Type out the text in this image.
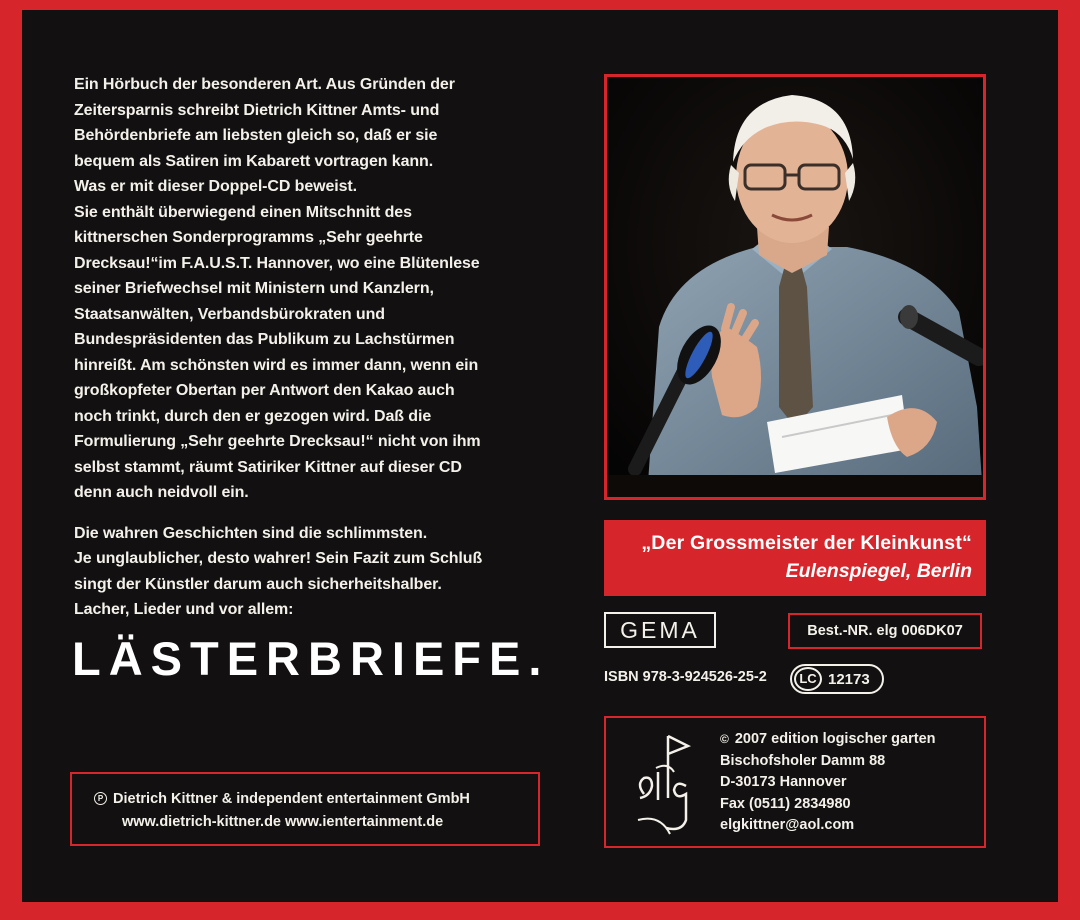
Ein Hörbuch der besonderen Art. Aus Gründen der

Zeitersparnis schreibt Dietrich Kittner Amts- und

Behördenbriefe am liebsten gleich so, daß er sie

bequem als Satiren im Kabarett vortragen kann.

Was er mit dieser Doppel-CD beweist.

Sie enthält überwiegend einen Mitschnitt des

kittnerschen Sonderprogramms „Sehr geehrte

Drecksau!“im F.A.U.S.T. Hannover, wo eine Blütenlese

seiner Briefwechsel mit Ministern und Kanzlern,

Staatsanwälten, Verbandsbürokraten und

Bundespräsidenten das Publikum zu Lachstürmen

hinreißt. Am schönsten wird es immer dann, wenn ein

großkopfeter Obertan per Antwort den Kakao auch

noch trinkt, durch den er gezogen wird. Daß die

Formulierung „Sehr geehrte Drecksau!“ nicht von ihm

selbst stammt, räumt Satiriker Kittner auf dieser CD

denn auch neidvoll ein.

Die wahren Geschichten sind die schlimmsten.

Je unglaublicher, desto wahrer! Sein Fazit zum Schluß

singt der Künstler darum auch sicherheitshalber.

Lacher, Lieder und vor allem:

LÄSTERBRIEFE.
P Dietrich Kittner & independent entertainment GmbH
www.dietrich-kittner.de www.ientertainment.de
„Der Grossmeister der Kleinkunst“
Eulenspiegel, Berlin
GEMA	Best.-NR. elg 006DK07
ISBN 978-3-924526-25-2	LC 12173
© 2007 edition logischer garten
Bischofsholer Damm 88
D-30173 Hannover
Fax (0511) 2834980
elgkittner@aol.com
